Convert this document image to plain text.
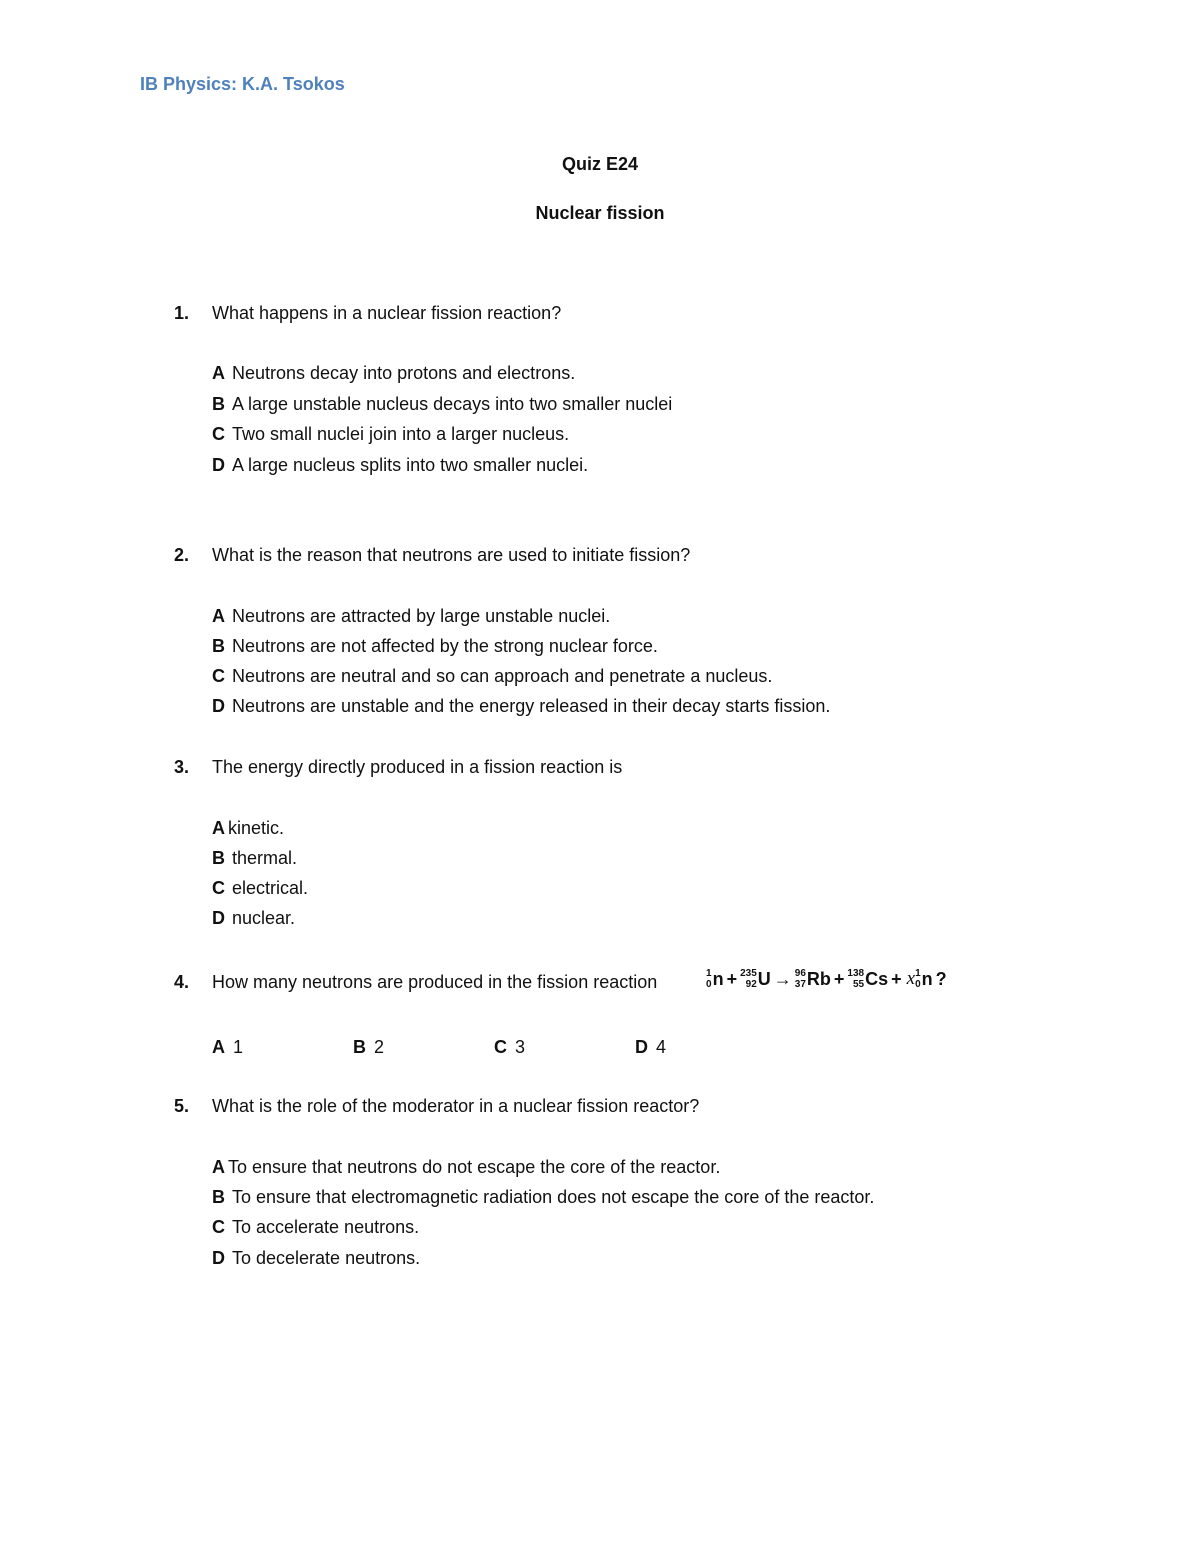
IB Physics: K.A. Tsokos
Quiz E24
Nuclear fission
1. What happens in a nuclear fission reaction?
A Neutrons decay into protons and electrons.
B A large unstable nucleus decays into two smaller nuclei
C Two small nuclei join into a larger nucleus.
D A large nucleus splits into two smaller nuclei.
2. What is the reason that neutrons are used to initiate fission?
A Neutrons are attracted by large unstable nuclei.
B Neutrons are not affected by the strong nuclear force.
C Neutrons are neutral and so can approach and penetrate a nucleus.
D Neutrons are unstable and the energy released in their decay starts fission.
3. The energy directly produced in a fission reaction is
A kinetic.
B thermal.
C electrical.
D nuclear.
4. How many neutrons are produced in the fission reaction	1
0 n + 235
92 U → 96
37 Rb + 138
55 Cs + x 1
0 n ?
A 1	B 2	C 3	D 4
5. What is the role of the moderator in a nuclear fission reactor?
A To ensure that neutrons do not escape the core of the reactor.
B To ensure that electromagnetic radiation does not escape the core of the reactor.
C To accelerate neutrons.
D To decelerate neutrons.
